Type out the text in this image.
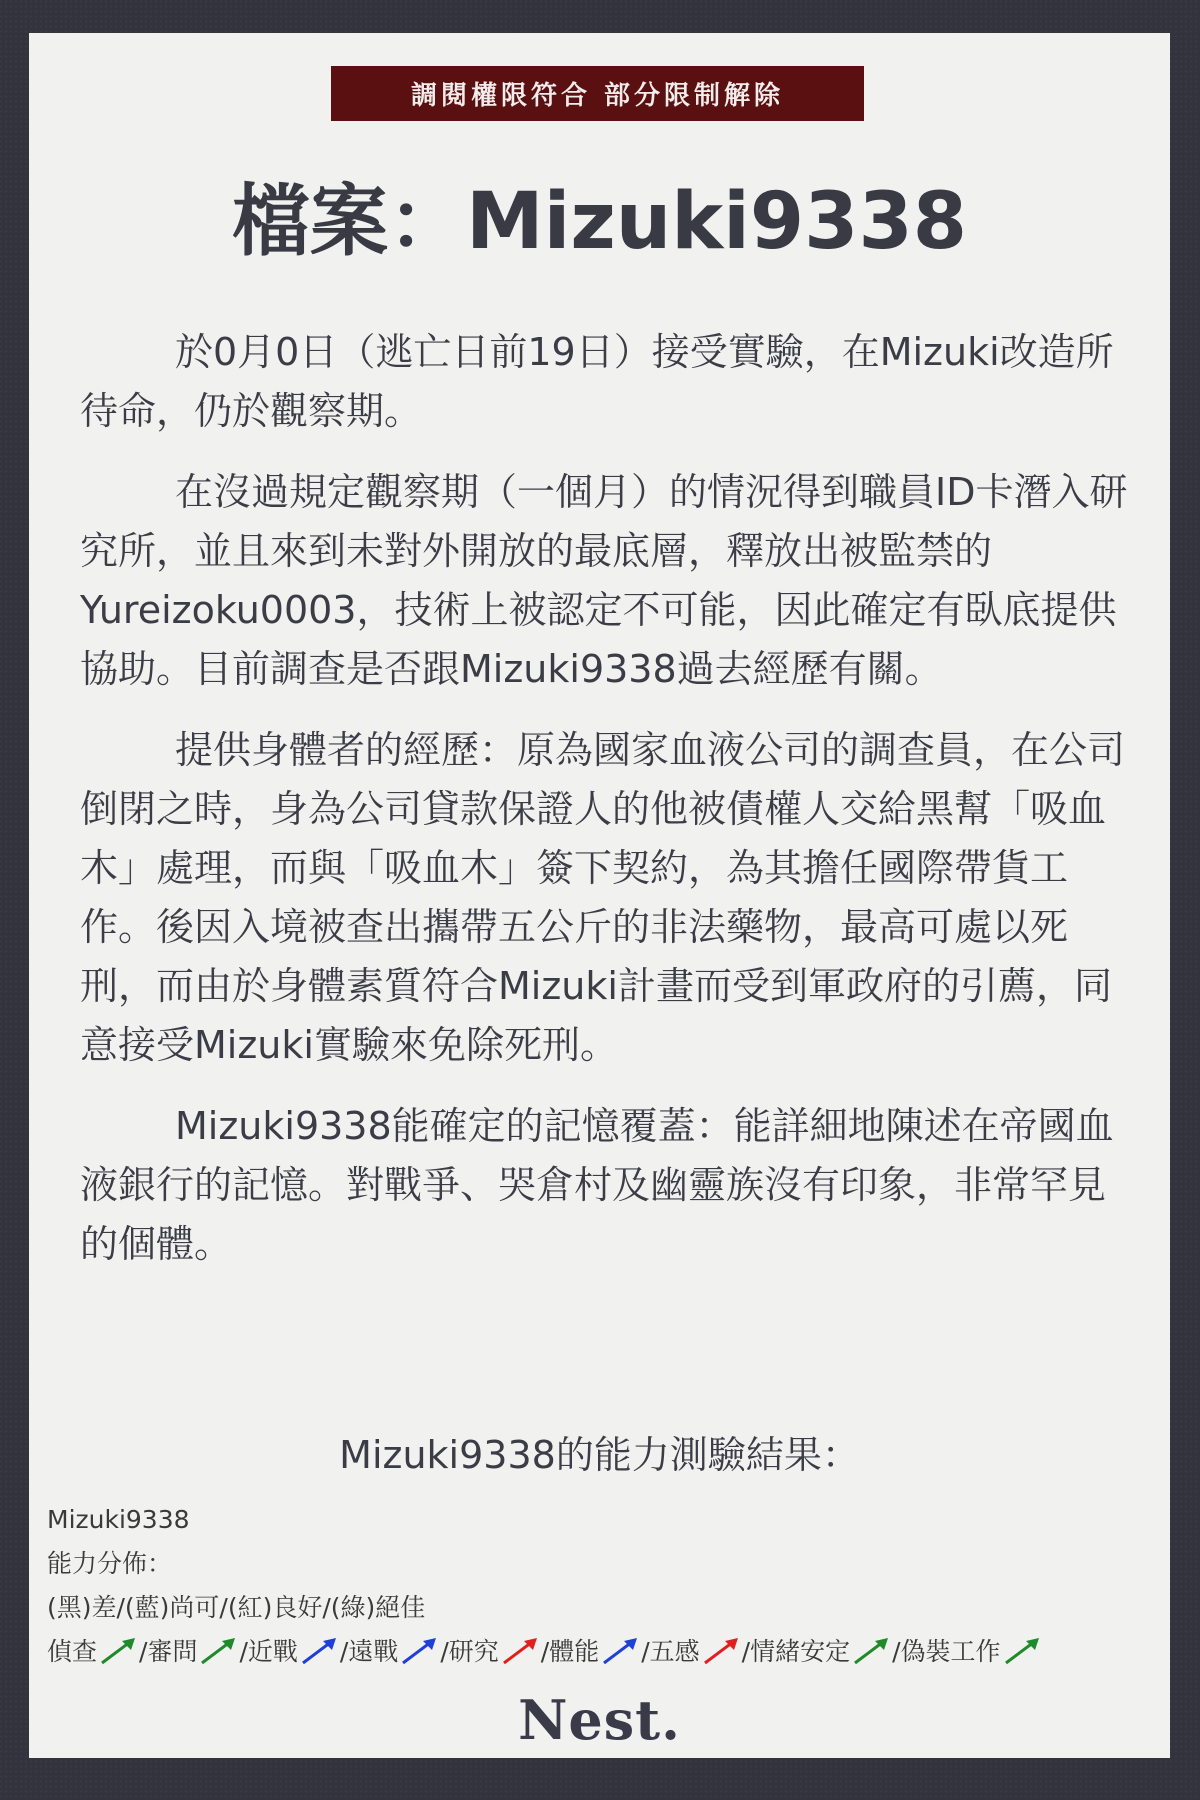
調閱權限符合 部分限制解除
檔案：Mizuki9338

於0月0日（逃亡日前19日）接受實驗，在Mizuki改造所待命，仍於觀察期。

在沒過規定觀察期（一個月）的情況得到職員ID卡潛入研究所，並且來到未對外開放的最底層，釋放出被監禁的Yureizoku0003，技術上被認定不可能，因此確定有臥底提供協助。目前調查是否跟Mizuki9338過去經歷有關。

提供身體者的經歷：原為國家血液公司的調查員，在公司倒閉之時，身為公司貸款保證人的他被債權人交給黑幫「吸血木」處理，而與「吸血木」簽下契約，為其擔任國際帶貨工作。後因入境被查出攜帶五公斤的非法藥物，最高可處以死刑，而由於身體素質符合Mizuki計畫而受到軍政府的引薦，同意接受Mizuki實驗來免除死刑。

Mizuki9338能確定的記憶覆蓋：能詳細地陳述在帝國血液銀行的記憶。對戰爭、哭倉村及幽靈族沒有印象，非常罕見的個體。

Mizuki9338的能力測驗結果：
Mizuki9338
能力分佈：
(黑)差/(藍)尚可/(紅)良好/(綠)絕佳
偵查 /審問 /近戰 /遠戰 /研究 /體能 /五感 /情緒安定 /偽裝工作
Nest.
